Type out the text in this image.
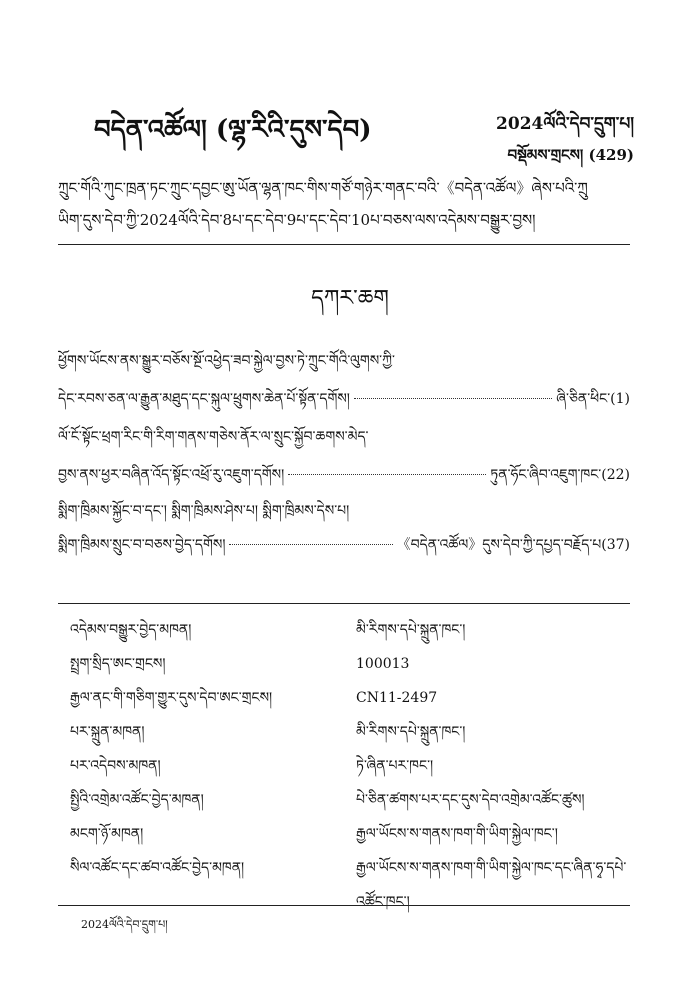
བདེན་འཚོལ། (ལྷ་རིའི་དུས་དེབ)	2024ལོའི་དེབ་དྲུག་པ།
བསྡོམས་གྲངས། (429)

ཀྲུང་གོའི་ཀུང་ཁྲན་ཏང་ཀྲུང་དབྱང་ཨུ་ཡོན་ལྷན་ཁང་གིས་གཙོ་གཉེར་གནང་བའི་《བདེན་འཚོལ》ཞེས་པའི་ཀྲུ

ཡིག་དུས་དེབ་ཀྱི་2024ལོའི་དེབ་8པ་དང་དེབ་9པ་དང་དེབ་10པ་བཅས་ལས་འདེམས་བསྒྱུར་བྱས།

དཀར་ཆག
ཕྱོགས་ཡོངས་ནས་སྒྱུར་བཅོས་སྔོ་འཕྱེད་ཟབ་སྐྱེལ་བྱས་ཏེ་ཀྲུང་གོའི་ལུགས་ཀྱི་
དེང་རབས་ཅན་ལ་རྒྱུན་མཐུད་དང་སྐུལ་ཕྲུགས་ཆེན་པོ་སྟོན་དགོས།	ཞི་ཅིན་ཕིང་ (1)
ལོ་ངོ་སྟོང་ཕྲག་རིང་གི་རིག་གནས་གཅེས་ནོར་ལ་སྲུང་སྐྱོབ་ཆགས་མེད་
བྱས་ནས་ཕྱར་བཞིན་འོད་སྟོང་འཕྲོ་རུ་འཇུག་དགོས།	ཏུན་ཧོང་ཞིབ་འཇུག་ཁང་ (22)
སྨིག་ཁྲིམས་སྐྱོང་བ་དང་། སྨིག་ཁྲིམས་ཤེས་པ། སྨིག་ཁྲིམས་དེས་པ།
སྨིག་ཁྲིམས་སྲུང་བ་བཅས་བྱེད་དགོས།	《བདེན་འཚོལ》དུས་དེབ་ཀྱི་དཔྱད་བརྗོད་པ (37)
འདེམས་བསྒྱུར་བྱེད་མཁན།	མི་རིགས་དཔེ་སྐྲུན་ཁང་།
སྤྲག་སྲིད་ཨང་གྲངས།	100013
རྒྱལ་ནང་གི་གཅིག་གྱུར་དུས་དེབ་ཨང་གྲངས།	CN11-2497
པར་སྐྲུན་མཁན།	མི་རིགས་དཔེ་སྐྲུན་ཁང་།
པར་འདེབས་མཁན།	ཏེ་ཞིན་པར་ཁང་།
སྤྱིའི་འགྲེམ་འཚོང་བྱེད་མཁན།	པེ་ཅིན་ཚགས་པར་དང་དུས་དེབ་འགྲེམ་འཚོང་ཚུས།
མངག་ཉོ་མཁན།	རྒྱལ་ཡོངས་ས་གནས་ཁག་གི་ཡིག་སྐྱེལ་ཁང་།
སིལ་འཚོང་དང་ཚབ་འཚོང་བྱེད་མཁན།	རྒྱལ་ཡོངས་ས་གནས་ཁག་གི་ཡིག་སྐྱེལ་ཁང་དང་ཞིན་ཧྭ་དཔེ་འཚོང་ཁང་།
2024ལོའི་དེབ་དྲུག་པ།
